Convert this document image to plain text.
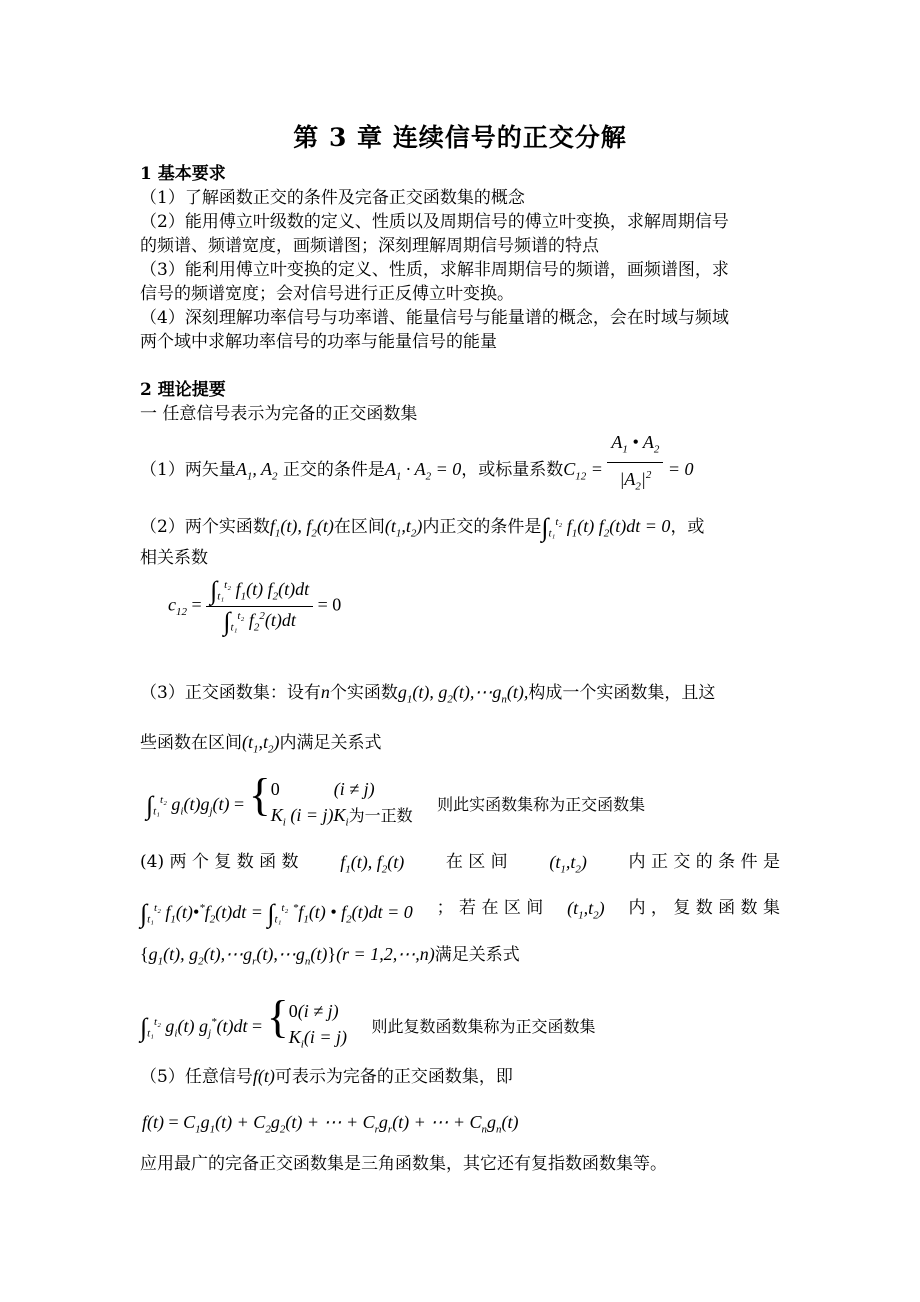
第 3 章 连续信号的正交分解
1 基本要求
（1）了解函数正交的条件及完备正交函数集的概念
（2）能用傅立叶级数的定义、性质以及周期信号的傅立叶变换，求解周期信号
的频谱、频谱宽度，画频谱图；深刻理解周期信号频谱的特点
（3）能利用傅立叶变换的定义、性质，求解非周期信号的频谱，画频谱图，求
信号的频谱宽度；会对信号进行正反傅立叶变换。
（4）深刻理解功率信号与功率谱、能量信号与能量谱的概念，会在时域与频域
两个域中求解功率信号的功率与能量信号的能量
2 理论提要
一 任意信号表示为完备的正交函数集
（1）两矢量$A_1$, $A_2$ 正交的条件是$A_1 \cdot A_2 = 0$，或标量系数$C_{12} = \frac{A_1 • A_2}{|A_2|^2} = 0$
（2）两个实函数$f_1(t)$, $f_2(t)$在区间$(t_1,t_2)$内正交的条件是$\int_{t_1}^{t_2}$ $f_1(t) f_2(t)dt = 0$，或
相关系数
$c_{12} = \frac{\int_{t_1}^{t_2} f_1(t) f_2(t)dt}{\int_{t_1}^{t_2} f_2^2(t)dt} = 0$
（3）正交函数集：设有n个实函数$g_1(t)$, $g_2(t),\cdots g_n(t)$,构成一个实函数集，且这
些函数在区间$(t_1,t_2)$内满足关系式
$\int_{t_1}^{t_2}$ $g_i(t)g_j(t) = \{0$            (i ≠ j)
$K_i$ $(i = j)K_i$为一正数 则此实函数集称为正交函数集
(4) 两 个 复 数 函 数 $f_1(t)$, $f_2(t)$ 在 区 间 $(t_1,t_2)$ 内 正 交 的 条 件 是
$\int_{t_1}^{t_2}$ $f_1(t)•^*f_2(t)dt = \int_{t_1}^{t_2}$ $^*f_1(t)$ • $f_2(t)dt = 0$ ； 若 在 区 间 $(t_1,t_2)$ 内 ， 复 数 函 数 集
{$g_1(t)$, $g_2(t),\cdots g_r(t),\cdots g_n(t)\}(r$ = 1,2,⋯,n)满足关系式
$\int_{t_1}^{t_2}$ $g_i(t) g_j^*(t)dt = \{0(i \ne j)$
$K_i(i = j)$ 则此复数函数集称为正交函数集
（5）任意信号f(t)可表示为完备的正交函数集，即
$f(t) = C_1g_1(t) + C_2g_2(t)$ + ⋯ + $C_rg_r(t)$ + ⋯ + $C_ng_n(t)$
应用最广的完备正交函数集是三角函数集，其它还有复指数函数集等。
